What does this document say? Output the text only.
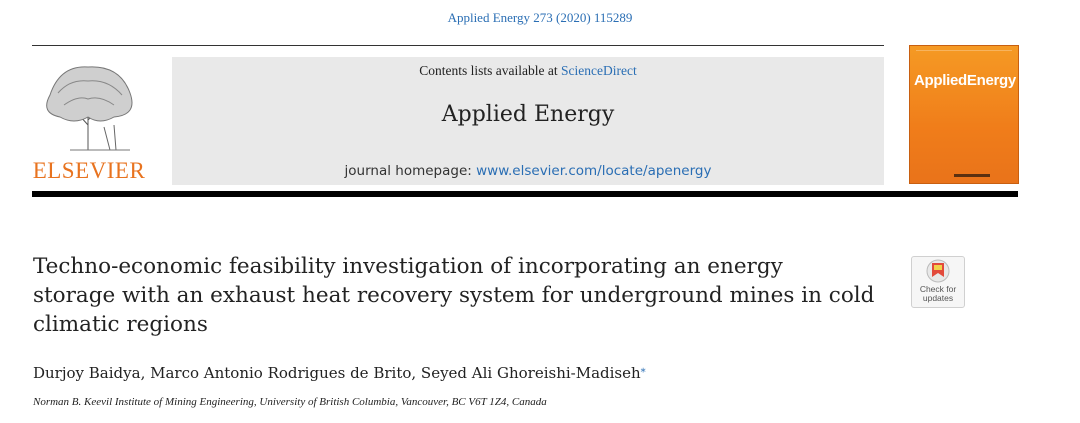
Applied Energy 273 (2020) 115289
ELSEVIER
Contents lists available at ScienceDirect
Applied Energy
journal homepage: www.elsevier.com/locate/apenergy
AppliedEnergy
Techno-economic feasibility investigation of incorporating an energy
storage with an exhaust heat recovery system for underground mines in cold
climatic regions
Check for
updates
Durjoy Baidya, Marco Antonio Rodrigues de Brito, Seyed Ali Ghoreishi-Madiseh⁎
Norman B. Keevil Institute of Mining Engineering, University of British Columbia, Vancouver, BC V6T 1Z4, Canada
